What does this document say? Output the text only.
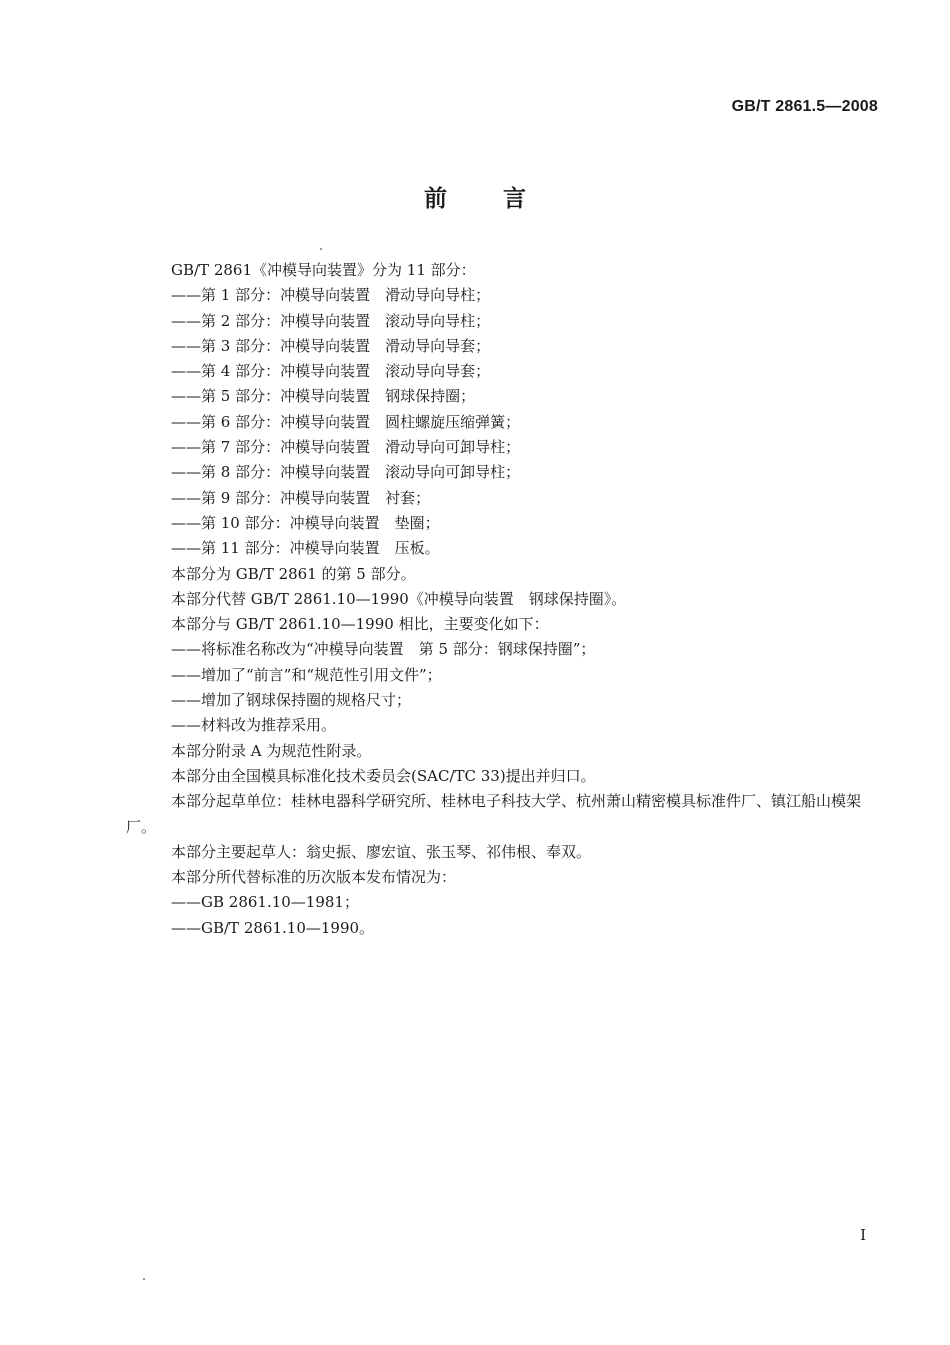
GB/T 2861.5—2008
前言
GB/T 2861《冲模导向装置》分为 11 部分：
——第 1 部分：冲模导向装置　滑动导向导柱；
——第 2 部分：冲模导向装置　滚动导向导柱；
——第 3 部分：冲模导向装置　滑动导向导套；
——第 4 部分：冲模导向装置　滚动导向导套；
——第 5 部分：冲模导向装置　钢球保持圈；
——第 6 部分：冲模导向装置　圆柱螺旋压缩弹簧；
——第 7 部分：冲模导向装置　滑动导向可卸导柱；
——第 8 部分：冲模导向装置　滚动导向可卸导柱；
——第 9 部分：冲模导向装置　衬套；
——第 10 部分：冲模导向装置　垫圈；
——第 11 部分：冲模导向装置　压板。
本部分为 GB/T 2861 的第 5 部分。
本部分代替 GB/T 2861.10—1990《冲模导向装置　钢球保持圈》。
本部分与 GB/T 2861.10—1990 相比，主要变化如下：
——将标准名称改为“冲模导向装置　第 5 部分：钢球保持圈”；
——增加了“前言”和“规范性引用文件”；
——增加了钢球保持圈的规格尺寸；
——材料改为推荐采用。
本部分附录 A 为规范性附录。
本部分由全国模具标准化技术委员会(SAC/TC 33)提出并归口。
本部分起草单位：桂林电器科学研究所、桂林电子科技大学、杭州萧山精密模具标准件厂、镇江船山模架厂。
本部分主要起草人：翁史振、廖宏谊、张玉琴、祁伟根、奉双。
本部分所代替标准的历次版本发布情况为：
——GB 2861.10—1981；
——GB/T 2861.10—1990。
I
